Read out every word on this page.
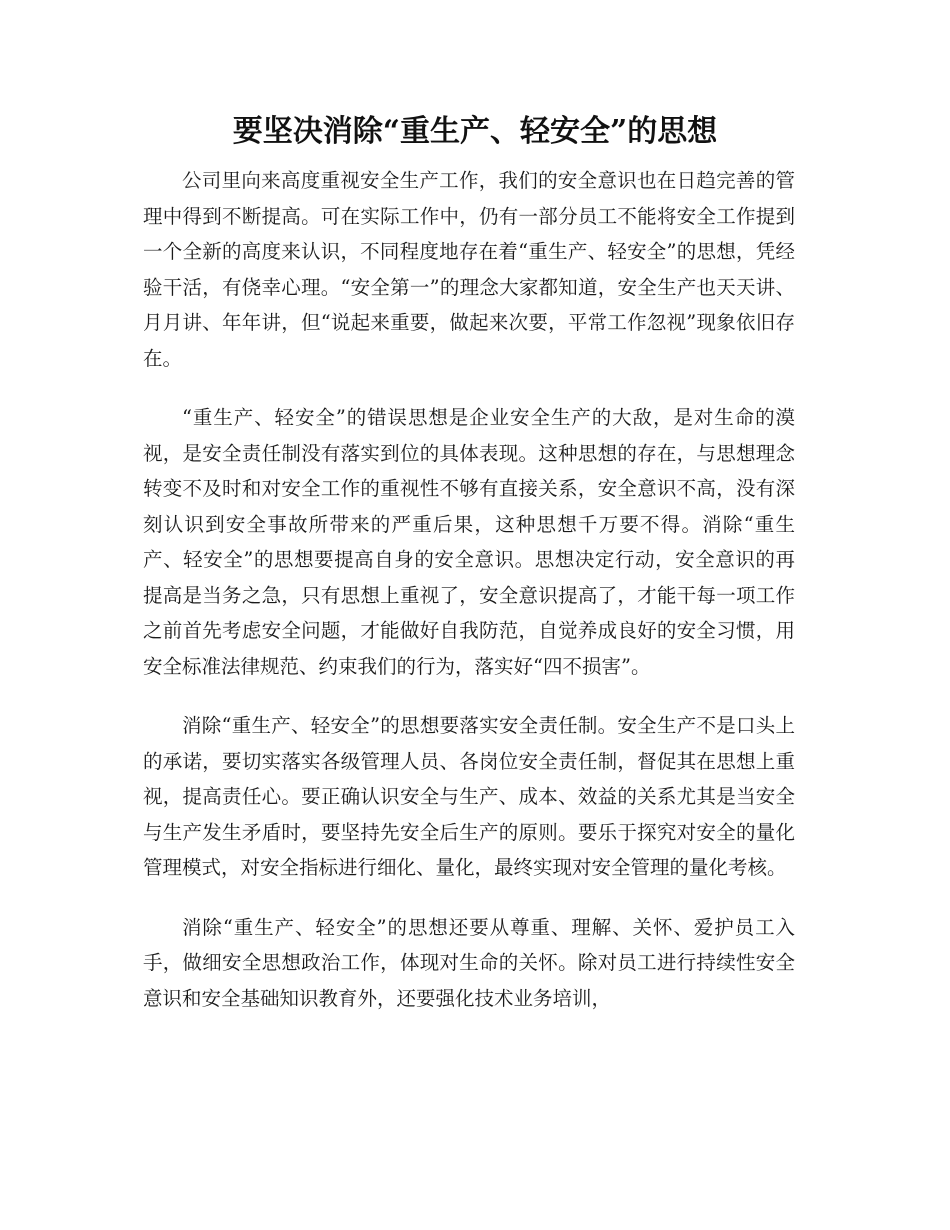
要坚决消除“重生产、轻安全”的思想

公司里向来高度重视安全生产工作，我们的安全意识也在日趋完善的管理中得到不断提高。可在实际工作中，仍有一部分员工不能将安全工作提到一个全新的高度来认识，不同程度地存在着“重生产、轻安全”的思想，凭经验干活，有侥幸心理。“安全第一”的理念大家都知道，安全生产也天天讲、月月讲、年年讲，但“说起来重要，做起来次要，平常工作忽视”现象依旧存在。

“重生产、轻安全”的错误思想是企业安全生产的大敌，是对生命的漠视，是安全责任制没有落实到位的具体表现。这种思想的存在，与思想理念转变不及时和对安全工作的重视性不够有直接关系，安全意识不高，没有深刻认识到安全事故所带来的严重后果，这种思想千万要不得。消除“重生产、轻安全”的思想要提高自身的安全意识。思想决定行动，安全意识的再提高是当务之急，只有思想上重视了，安全意识提高了，才能干每一项工作之前首先考虑安全问题，才能做好自我防范，自觉养成良好的安全习惯，用安全标准法律规范、约束我们的行为，落实好“四不损害”。

消除“重生产、轻安全”的思想要落实安全责任制。安全生产不是口头上的承诺，要切实落实各级管理人员、各岗位安全责任制，督促其在思想上重视，提高责任心。要正确认识安全与生产、成本、效益的关系尤其是当安全与生产发生矛盾时，要坚持先安全后生产的原则。要乐于探究对安全的量化管理模式，对安全指标进行细化、量化，最终实现对安全管理的量化考核。

消除“重生产、轻安全”的思想还要从尊重、理解、关怀、爱护员工入手，做细安全思想政治工作，体现对生命的关怀。除对员工进行持续性安全意识和安全基础知识教育外，还要强化技术业务培训，
